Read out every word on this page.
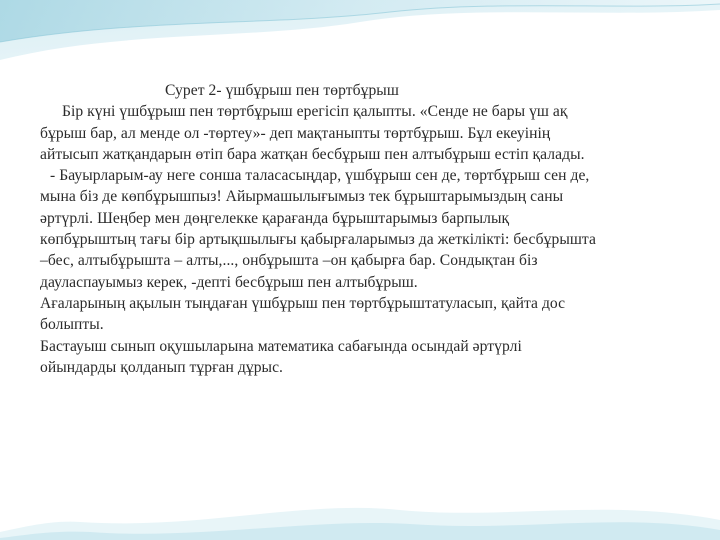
Сурет 2- үшбұрыш пен төртбұрыш
Бір күні үшбұрыш пен төртбұрыш ерегісіп қалыпты. «Сенде не бары үш ақ
бұрыш бар, ал менде ол -төртеу»- деп мақтаныпты төртбұрыш. Бұл екеуінің
айтысып жатқандарын өтіп бара жатқан бесбұрыш пен алтыбұрыш естіп қалады.
- Бауырларым-ау неге сонша таласасыңдар, үшбұрыш сен де, төртбұрыш сен де,
мына біз де көпбұрышпыз! Айырмашылығымыз тек бұрыштарымыздың саны
әртүрлі. Шеңбер мен дөңгелекке қарағанда бұрыштарымыз барпылық
көпбұрыштың тағы бір артықшылығы қабырғаларымыз да жеткілікті: бесбұрышта
–бес, алтыбұрышта – алты,..., онбұрышта –он қабырға бар. Сондықтан біз
дауласпауымыз керек, -депті бесбұрыш пен алтыбұрыш.
Ағаларының ақылын тыңдаған үшбұрыш пен төртбұрыштатуласып, қайта дос
болыпты.
Бастауыш сынып оқушыларына математика сабағында осындай әртүрлі
ойындарды қолданып тұрған дұрыс.
